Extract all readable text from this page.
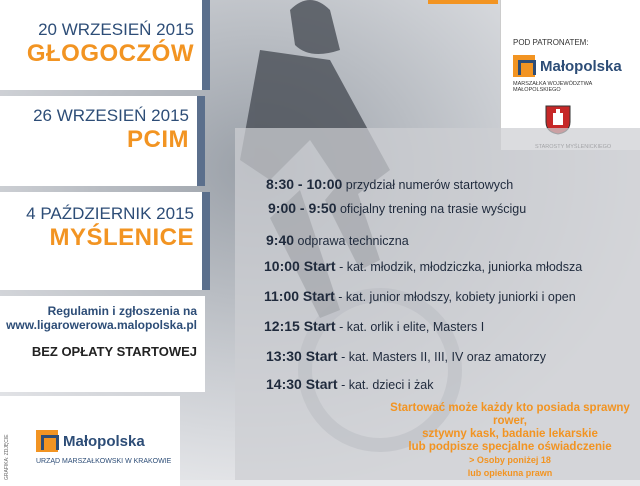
20 WRZESIEŃ 2015
GŁOGOCZÓW
26 WRZESIEŃ 2015
PCIM
4 PAŹDZIERNIK 2015
MYŚLENICE
Regulamin i zgłoszenia na
www.ligarowerowa.malopolska.pl
BEZ OPŁATY STARTOWEJ
Małopolska
URZĄD MARSZAŁKOWSKI W KRAKOWIE
GRAFIKA: ZDJĘCIE
POD PATRONATEM:
Małopolska
MARSZAŁKA WOJEWÓDZTWA MAŁOPOLSKIEGO
8:30 - 10:00 przydział numerów startowych
9:00 - 9:50 oficjalny trening na trasie wyścigu
9:40 odprawa techniczna
10:00 Start - kat. młodzik, młodziczka, juniorka młodsza
11:00 Start - kat. junior młodszy, kobiety juniorki i open
12:15 Start - kat. orlik i elite, Masters I
13:30 Start - kat. Masters II, III, IV oraz amatorzy
14:30 Start - kat. dzieci i żak
Startować może każdy kto posiada sprawny rower,
sztywny kask, badanie lekarskie
lub podpisze specjalne oświadczenie
> Osoby poniżej 18
lub opiekuna prawn
